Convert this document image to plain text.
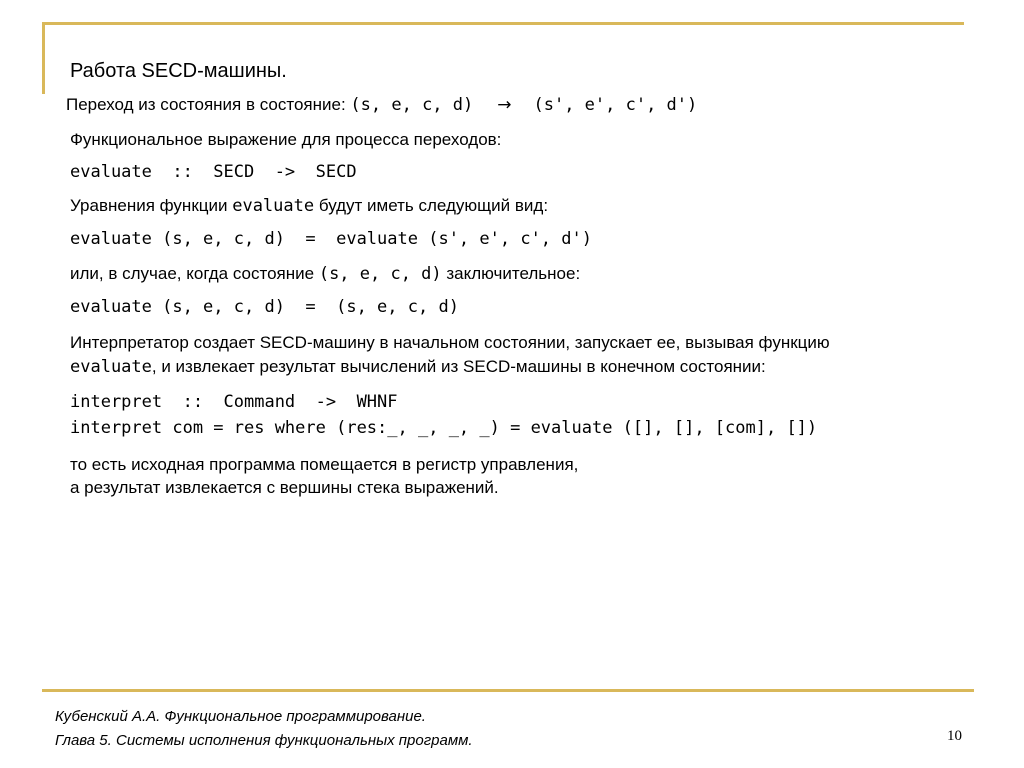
Работа SECD-машины.
Переход из состояния в состояние: (s, e, c, d) → (s', e', c', d')
Функциональное выражение для процесса переходов:
evaluate  ::  SECD  ->  SECD
Уравнения функции evaluate будут иметь следующий вид:
evaluate (s, e, c, d)  =  evaluate (s', e', c', d')
или, в случае, когда состояние (s, e, c, d) заключительное:
evaluate (s, e, c, d)  =  (s, e, c, d)
Интерпретатор создает SECD-машину в начальном состоянии, запускает ее, вызывая функцию
evaluate, и извлекает результат вычислений из SECD-машины в конечном состоянии:
interpret  ::  Command  ->  WHNF
interpret com = res where (res:_, _, _, _) = evaluate ([], [], [com], [])
то есть исходная программа помещается в регистр управления,
а результат извлекается с вершины стека выражений.
Кубенский А.А. Функциональное программирование.
Глава 5. Системы исполнения функциональных программ.	10
